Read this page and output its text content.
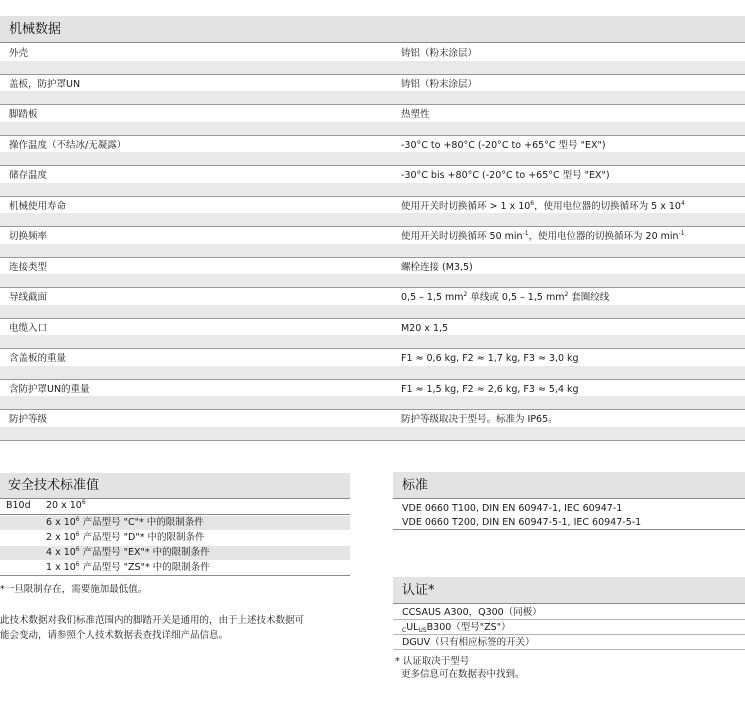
机械数据
外壳	铸铝（粉末涂层）
盖板，防护罩UN	铸铝（粉末涂层）
脚踏板	热塑性
操作温度（不结冰/无凝露）	-30°C to +80°C (-20°C to +65°C 型号 "EX")
储存温度	-30°C bis +80°C (-20°C to +65°C 型号 "EX")
机械使用寿命	使用开关时切换循环 > 1 x $10^6$，使用电位器的切换循环为 5 x $10^4$
切换频率	使用开关时切换循环 50 $\min^{-1}$，使用电位器的切换循环为 20 $\min^{-1}$
连接类型	螺栓连接 (M3,5)
导线截面	0,5 – 1,5 $mm^2$ 单线或 0,5 – 1,5 $mm^2$ 套圈绞线
电缆入口	M20 x 1,5
含盖板的重量	F1 ≈ 0,6 kg, F2 ≈ 1,7 kg, F3 ≈ 3,0 kg
含防护罩UN的重量	F1 ≈ 1,5 kg, F2 ≈ 2,6 kg, F3 ≈ 5,4 kg
防护等级	防护等级取决于型号。标准为 IP65。
安全技术标准值
B10d 20 x $10^6$
6 x $10^6$ 产品型号 "C"* 中的限制条件
2 x $10^6$ 产品型号 "D"* 中的限制条件
4 x $10^6$ 产品型号 "EX"* 中的限制条件
1 x $10^6$ 产品型号 "ZS"* 中的限制条件
*一旦限制存在，需要施加最低值。
此技术数据对我们标准范围内的脚踏开关是通用的，由于上述技术数据可
能会变动，请参照个人技术数据表查找详细产品信息。
标准
VDE 0660 T100, DIN EN 60947-1, IEC 60947-1
VDE 0660 T200, DIN EN 60947-5-1, IEC 60947-5-1
认证*
CCSAUS A300，Q300（同极）
$_CUL_{US}B300$（型号"ZS"）
DGUV（只有相应标签的开关）
* 认证取决于型号
更多信息可在数据表中找到。
